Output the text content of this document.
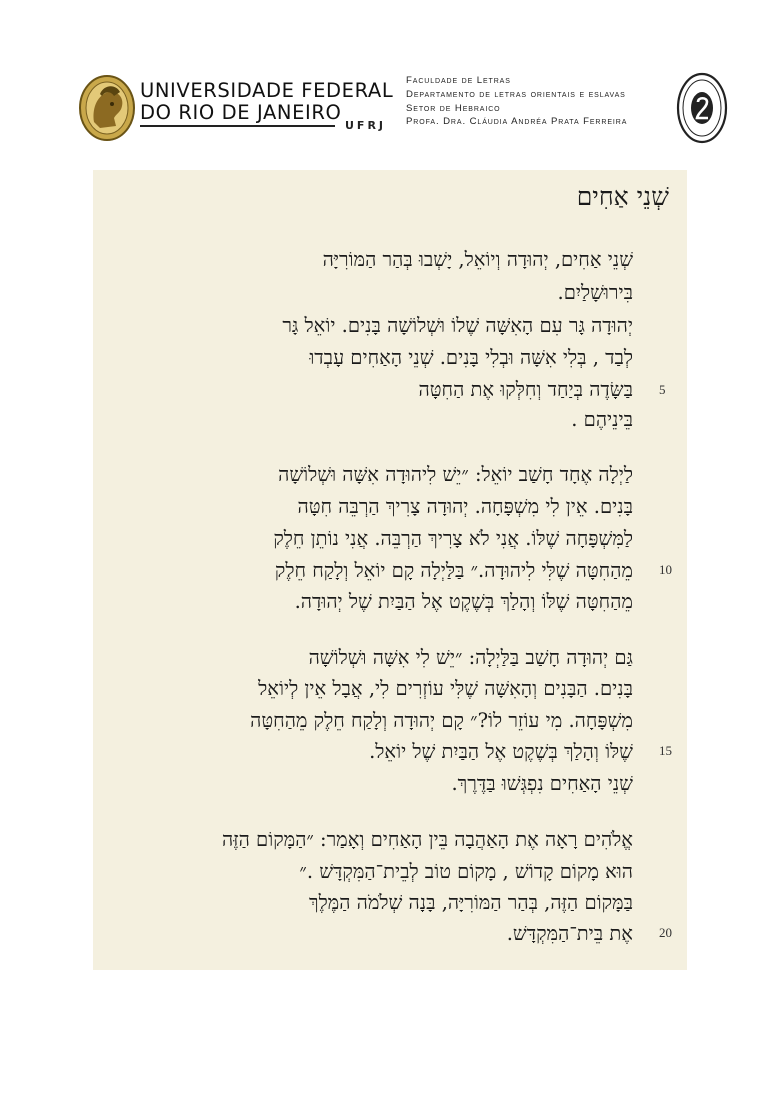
UNIVERSIDADE FEDERAL
DO RIO DE JANEIRO
UFRJ
Faculdade de Letras
Departamento de letras orientais e eslavas
Setor de Hebraico
Profa. Dra. Cláudia Andréa Prata Ferreira
שְׁנֵי אַחִים
שְׁנֵי אַחִים, יְהוּדָה וְיוֹאֵל, יָשְׁבוּ בְּהַר הַמּוֹרִיָּה
בִּירוּשָׁלַיִם.
יְהוּדָה גָּר עִם הָאִשָּׁה שֶׁלוֹ וּשְׁלוֹשָׁה בָּנִים. יוֹאֵל גָּר
לְבַד , בְּלִי אִשָּׁה וּבְלִי בָּנִים. שְׁנֵי הָאַחִים עָבְדוּ
בַּשָּׂדֶה בְּיַחַד וְחִלְּקוּ אֶת הַחִטָּה
בֵּינֵיהֶם .
לַיְלָה אֶחָד חָשַׁב יוֹאֵל: ״יֵשׁ לִיהוּדָה אִשָּׁה וּשְׁלוֹשָׁה
בָּנִים. אֵין לִי מִשְׁפָּחָה. יְהוּדָה צָרִיךְ הַרְבֵּה חִטָּה
לַמִּשְׁפָּחָה שֶׁלּוֹ. אֲנִי לֹא צָרִיךְ הַרְבֵּה. אֲנִי נוֹתֵן חֵלֶק
מֵהַחִטָּה שֶׁלִּי לִיהוּדָה.״ בַּלַּיְלָה קָם יוֹאֵל וְלָקַח חֵלֶק
מֵהַחִטָּה שֶׁלּוֹ וְהָלַךְ בְּשֶׁקֶט אֶל הַבַּיִת שֶׁל יְהוּדָה.
גַּם יְהוּדָה חָשַׁב בַּלַּיְלָה: ״יֵשׁ לִי אִשָּׁה וּשְׁלוֹשָׁה
בָּנִים. הַבָּנִים וְהָאִשָּׁה שֶׁלִּי עוֹזְרִים לִי, אֲבָל אֵין לְיוֹאֵל
מִשְׁפָּחָה. מִי עוֹזֵר לוֹ?״ קָם יְהוּדָה וְלָקַח חֵלֶק מֵהַחִטָּה
שֶׁלּוֹ וְהָלַךְ בְּשֶׁקֶט אֶל הַבַּיִת שֶׁל יוֹאֵל.
שְׁנֵי הָאַחִים נִפְגְּשׁוּ בַּדֶּרֶךְ.
אֱלֹהִים רָאָה אֶת הָאַהֲבָה בֵּין הָאַחִים וְאָמַר: ״הַמָּקוֹם הַזֶּה
הוּא מָקוֹם קָדוֹשׁ , מָקוֹם טוֹב לְבֵית־הַמִּקְדָּשׁ .״
בַּמָּקוֹם הַזֶּה, בְּהַר הַמּוֹרִיָּה, בָּנָה שְׁלֹמֹה הַמֶּלֶךְ
אֶת בֵּית־הַמִּקְדָּשׁ.
5
10
15
20
